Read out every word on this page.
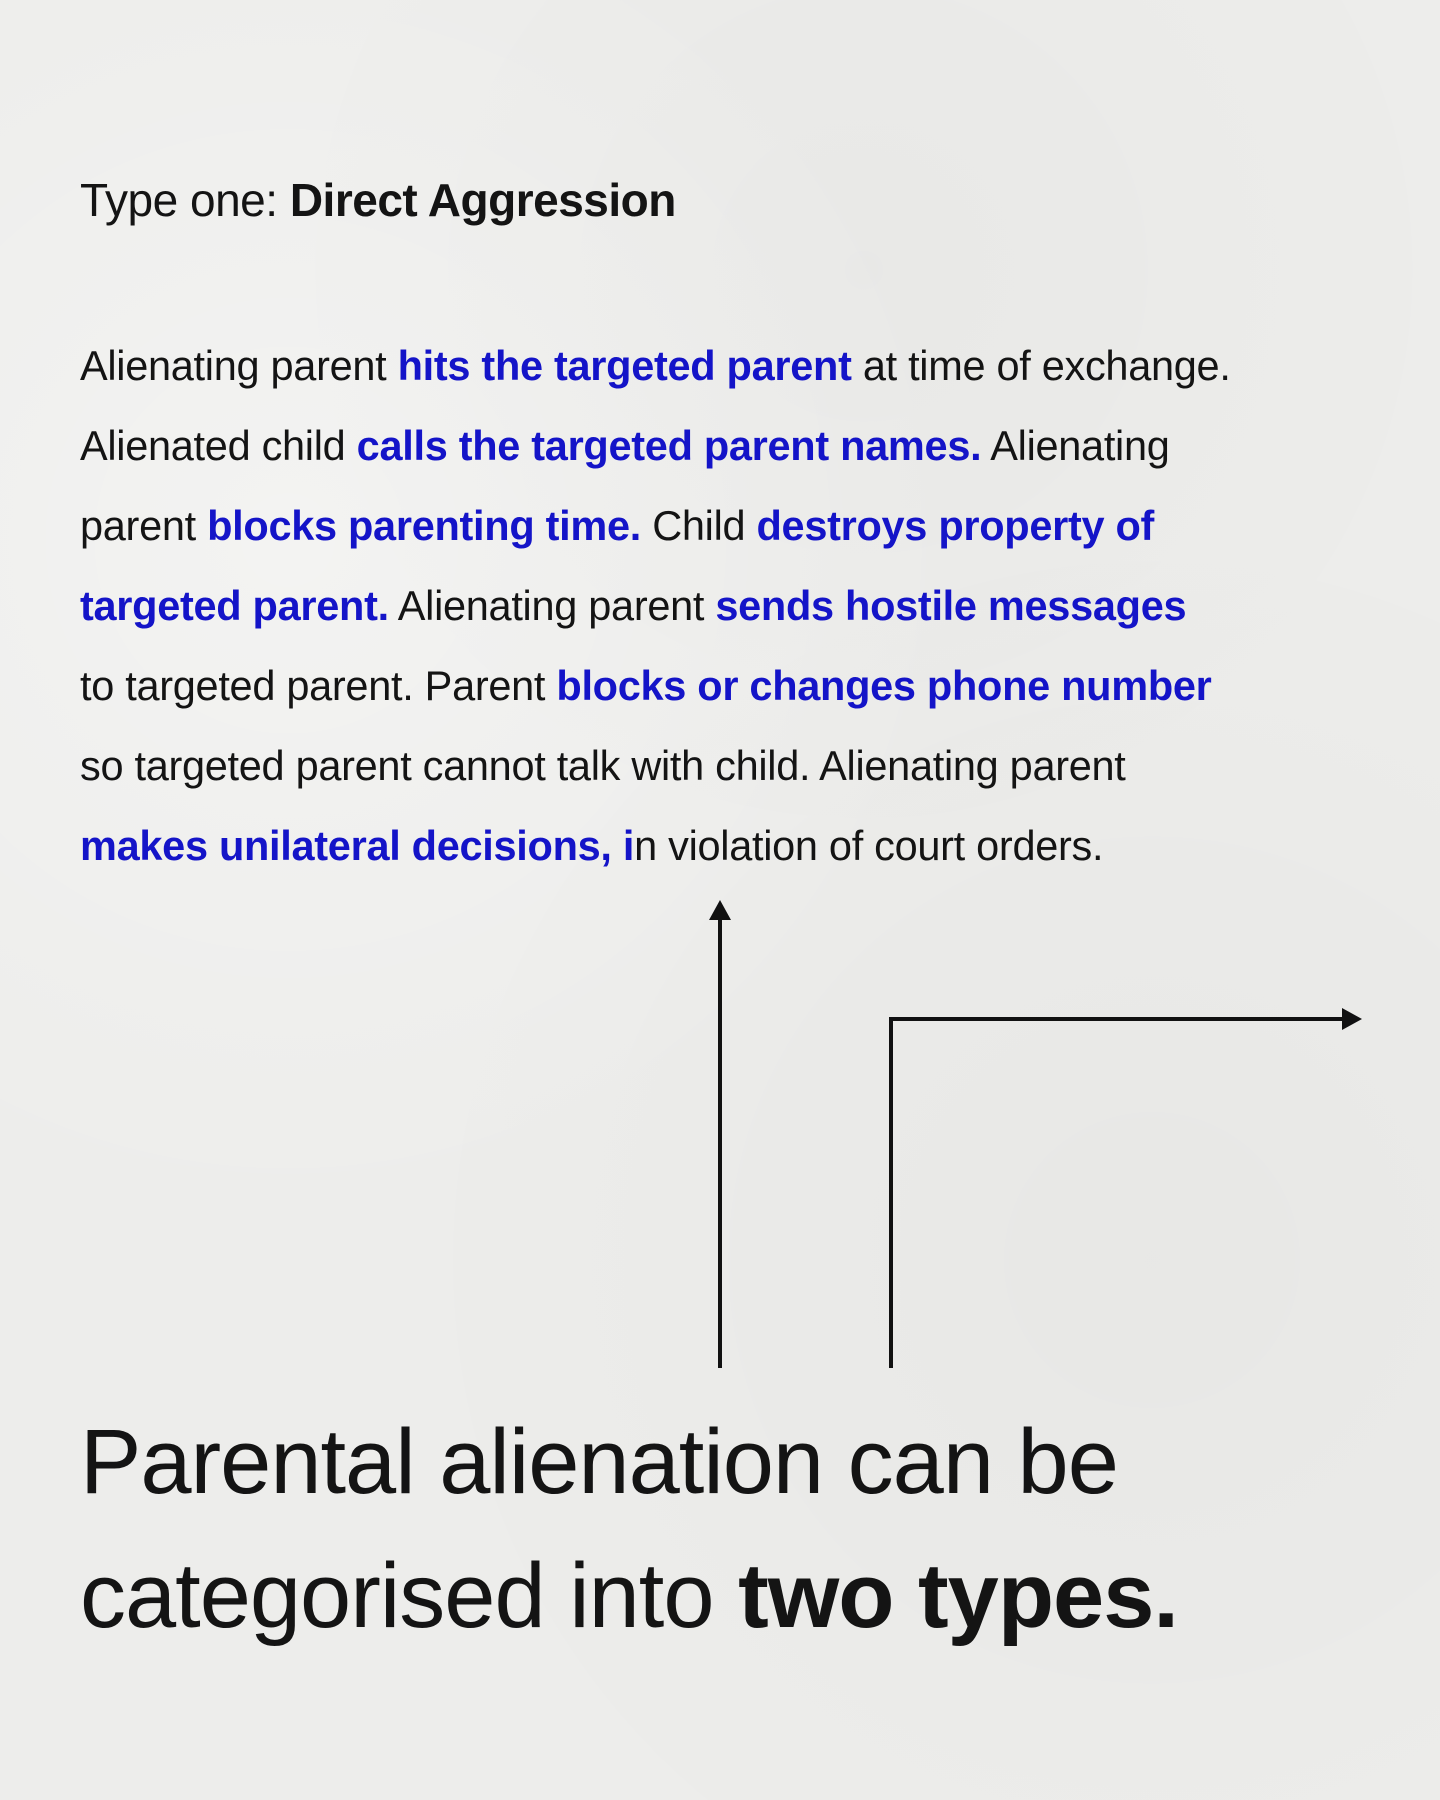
Type one: Direct Aggression

Alienating parent hits the targeted parent at time of exchange.
Alienated child calls the targeted parent names. Alienating
parent blocks parenting time. Child destroys property of
targeted parent. Alienating parent sends hostile messages
to targeted parent. Parent blocks or changes phone number
so targeted parent cannot talk with child. Alienating parent
makes unilateral decisions, in violation of court orders.

Parental alienation can be
categorised into two types.
